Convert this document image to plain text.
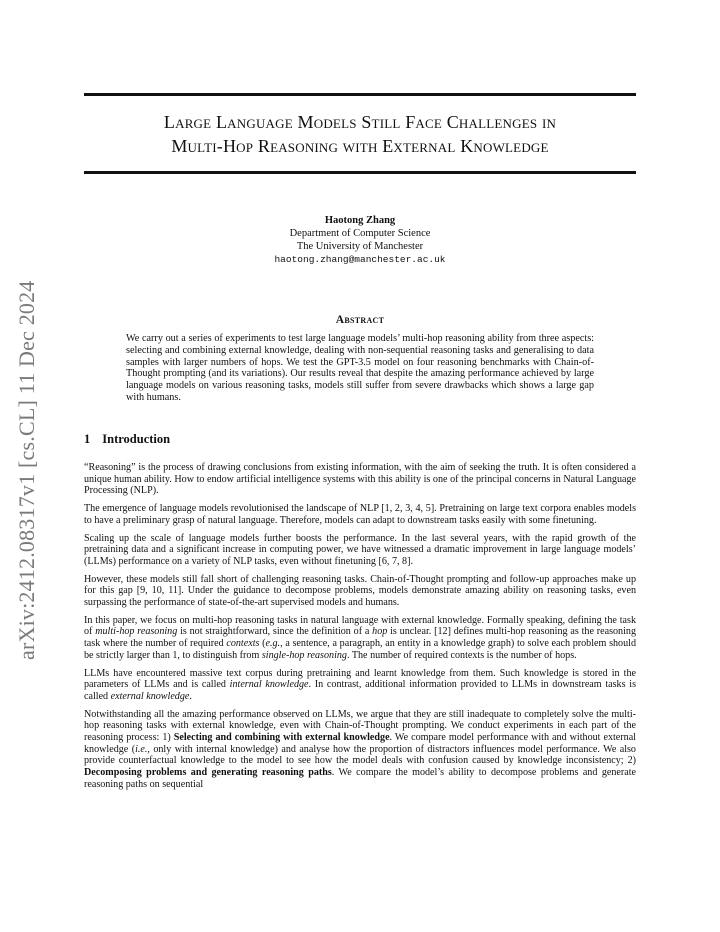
arXiv:2412.08317v1 [cs.CL] 11 Dec 2024
Large Language Models Still Face Challenges in
Multi-Hop Reasoning with External Knowledge
Haotong Zhang
Department of Computer Science
The University of Manchester
haotong.zhang@manchester.ac.uk
Abstract
We carry out a series of experiments to test large language models’ multi-hop reasoning ability from three aspects: selecting and combining external knowledge, dealing with non-sequential reasoning tasks and generalising to data samples with larger numbers of hops. We test the GPT-3.5 model on four reasoning benchmarks with Chain-of-Thought prompting (and its variations). Our results reveal that despite the amazing performance achieved by large language models on various reasoning tasks, models still suffer from severe drawbacks which shows a large gap with humans.
1 Introduction

“Reasoning” is the process of drawing conclusions from existing information, with the aim of seeking the truth. It is often considered a unique human ability. How to endow artificial intelligence systems with this ability is one of the principal concerns in Natural Language Processing (NLP).

The emergence of language models revolutionised the landscape of NLP [1, 2, 3, 4, 5]. Pretraining on large text corpora enables models to have a preliminary grasp of natural language. Therefore, models can adapt to downstream tasks easily with some finetuning.

Scaling up the scale of language models further boosts the performance. In the last several years, with the rapid growth of the pretraining data and a significant increase in computing power, we have witnessed a dramatic improvement in large language models’ (LLMs) performance on a variety of NLP tasks, even without finetuning [6, 7, 8].

However, these models still fall short of challenging reasoning tasks. Chain-of-Thought prompting and follow-up approaches make up for this gap [9, 10, 11]. Under the guidance to decompose problems, models demonstrate amazing ability on reasoning tasks, even surpassing the performance of state-of-the-art supervised models and humans.

In this paper, we focus on multi-hop reasoning tasks in natural language with external knowledge. Formally speaking, defining the task of multi-hop reasoning is not straightforward, since the definition of a hop is unclear. [12] defines multi-hop reasoning as the reasoning task where the number of required contexts (e.g., a sentence, a paragraph, an entity in a knowledge graph) to solve each problem should be strictly larger than 1, to distinguish from single-hop reasoning. The number of required contexts is the number of hops.

LLMs have encountered massive text corpus during pretraining and learnt knowledge from them. Such knowledge is stored in the parameters of LLMs and is called internal knowledge. In contrast, additional information provided to LLMs in downstream tasks is called external knowledge.

Notwithstanding all the amazing performance observed on LLMs, we argue that they are still inadequate to completely solve the multi-hop reasoning tasks with external knowledge, even with Chain-of-Thought prompting. We conduct experiments in each part of the reasoning process: 1) Selecting and combining with external knowledge. We compare model performance with and without external knowledge (i.e., only with internal knowledge) and analyse how the proportion of distractors influences model performance. We also provide counterfactual knowledge to the model to see how the model deals with confusion caused by knowledge inconsistency; 2) Decomposing problems and generating reasoning paths. We compare the model’s ability to decompose problems and generate reasoning paths on sequential
